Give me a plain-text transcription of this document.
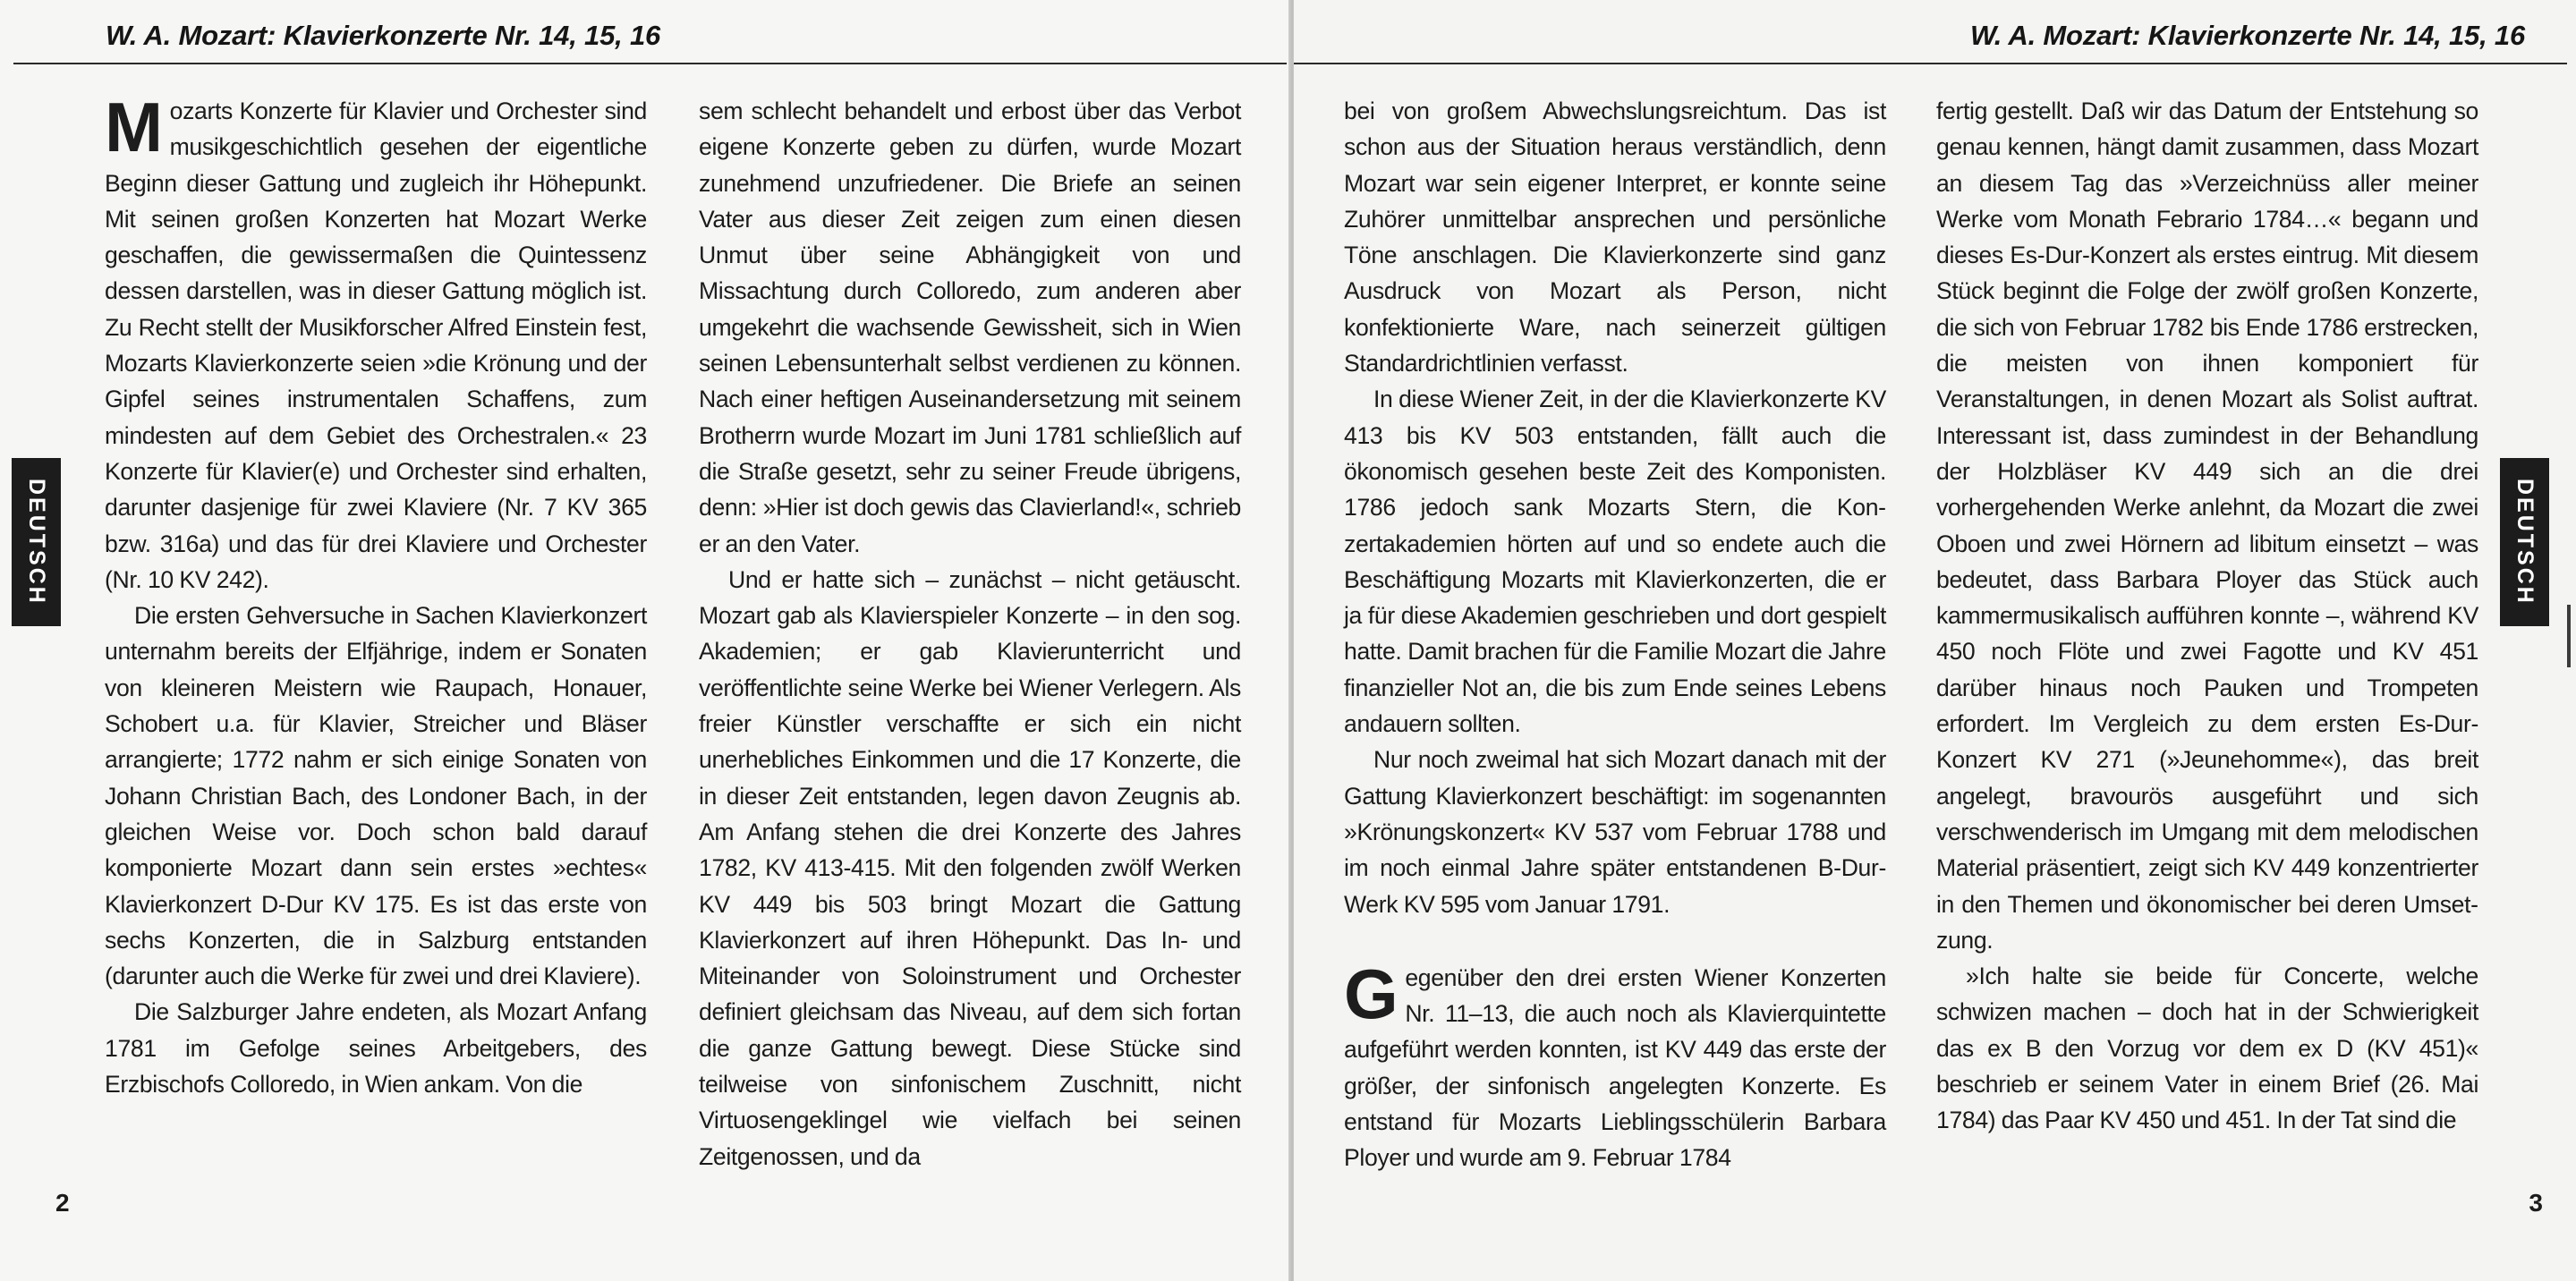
W. A. Mozart: Klavierkonzerte Nr. 14, 15, 16
DEUTSCH

Mozarts Konzerte für Klavier und Orchester sind musikgeschichtlich gesehen der eigentliche Beginn dieser Gattung und zugleich ihr Höhepunkt. Mit seinen großen Konzerten hat Mozart Werke geschaffen, die gewissermaßen die Quintessenz dessen darstellen, was in dieser Gattung möglich ist. Zu Recht stellt der Musikforscher Alfred Einstein fest, Mozarts Klavierkonzerte seien »die Krönung und der Gipfel seines instrumentalen Schaffens, zum mindesten auf dem Gebiet des Orchestralen.« 23 Konzerte für Klavier(e) und Orchester sind erhalten, darunter dasjenige für zwei Klaviere (Nr. 7 KV 365 bzw. 316a) und das für drei Klaviere und Orchester (Nr. 10 KV 242).

Die ersten Gehversuche in Sachen Klavierkonzert unternahm bereits der Elfjährige, indem er Sonaten von kleineren Meistern wie Raupach, Honauer, Schobert u.a. für Klavier, Streicher und Bläser arrangierte; 1772 nahm er sich einige Sonaten von Johann Christian Bach, des Londoner Bach, in der gleichen Weise vor. Doch schon bald darauf komponierte Mozart dann sein erstes »echtes« Klavierkonzert D-Dur KV 175. Es ist das erste von sechs Konzerten, die in Salzburg entstanden (darunter auch die Werke für zwei und drei Klaviere).

Die Salzburger Jahre endeten, als Mozart Anfang 1781 im Gefolge seines Arbeitgebers, des Erzbischofs Colloredo, in Wien ankam. Von die

sem schlecht behandelt und erbost über das Verbot eigene Konzerte geben zu dürfen, wurde Mozart zunehmend unzufriedener. Die Briefe an seinen Vater aus dieser Zeit zeigen zum einen diesen Unmut über seine Abhängigkeit von und Missachtung durch Colloredo, zum anderen aber umgekehrt die wachsende Gewissheit, sich in Wien seinen Lebensunterhalt selbst verdienen zu können. Nach einer heftigen Auseinandersetzung mit seinem Brotherrn wurde Mozart im Juni 1781 schließlich auf die Straße gesetzt, sehr zu seiner Freude übrigens, denn: »Hier ist doch gewis das Clavierland!«, schrieb er an den Vater.

Und er hatte sich – zunächst – nicht getäuscht. Mozart gab als Klavierspieler Konzerte – in den sog. Akademien; er gab Klavierunterricht und veröffentlichte seine Werke bei Wiener Verlegern. Als freier Künstler verschaffte er sich ein nicht unerhebliches Einkommen und die 17 Konzerte, die in dieser Zeit entstanden, legen davon Zeugnis ab. Am Anfang stehen die drei Konzerte des Jahres 1782, KV 413-415. Mit den folgenden zwölf Werken KV 449 bis 503 bringt Mozart die Gattung Klavierkonzert auf ihren Höhepunkt. Das In- und Miteinander von Soloinstrument und Orchester definiert gleichsam das Niveau, auf dem sich fortan die ganze Gattung bewegt. Diese Stücke sind teilweise von sinfonischem Zuschnitt, nicht Virtuosengeklingel wie vielfach bei seinen Zeitgenossen, und da

2
W. A. Mozart: Klavierkonzerte Nr. 14, 15, 16
DEUTSCH

bei von großem Abwechslungsreichtum. Das ist schon aus der Situation heraus verständlich, denn Mozart war sein eigener Interpret, er konnte seine Zuhörer unmittelbar ansprechen und persönliche Töne anschlagen. Die Klavierkonzerte sind ganz Ausdruck von Mozart als Person, nicht konfektionierte Ware, nach seinerzeit gültigen Standardrichtlinien verfasst.

In diese Wiener Zeit, in der die Klavierkonzerte KV 413 bis KV 503 entstanden, fällt auch die ökonomisch gesehen beste Zeit des Komponisten. 1786 jedoch sank Mozarts Stern, die Konzertakademien hörten auf und so endete auch die Beschäftigung Mozarts mit Klavierkonzerten, die er ja für diese Akademien geschrieben und dort gespielt hatte. Damit brachen für die Familie Mozart die Jahre finanzieller Not an, die bis zum Ende seines Lebens andauern sollten.

Nur noch zweimal hat sich Mozart danach mit der Gattung Klavierkonzert beschäftigt: im sogenannten »Krönungskonzert« KV 537 vom Februar 1788 und im noch einmal Jahre später entstandenen B-Dur-Werk KV 595 vom Januar 1791.

Gegenüber den drei ersten Wiener Konzerten Nr. 11–13, die auch noch als Klavierquintette aufgeführt werden konnten, ist KV 449 das erste der größer, der sinfonisch angelegten Konzerte. Es entstand für Mozarts Lieblingsschülerin Barbara Ployer und wurde am 9. Februar 1784

fertig gestellt. Daß wir das Datum der Entstehung so genau kennen, hängt damit zusammen, dass Mozart an diesem Tag das »Verzeichnüss aller meiner Werke vom Monath Febrario 1784…« begann und dieses Es-Dur-Konzert als erstes eintrug. Mit diesem Stück beginnt die Folge der zwölf großen Konzerte, die sich von Februar 1782 bis Ende 1786 erstrecken, die meisten von ihnen komponiert für Veranstaltungen, in denen Mozart als Solist auftrat. Interessant ist, dass zumindest in der Behandlung der Holzbläser KV 449 sich an die drei vorhergehenden Werke anlehnt, da Mozart die zwei Oboen und zwei Hörnern ad libitum einsetzt – was bedeutet, dass Barbara Ployer das Stück auch kammermusikalisch aufführen konnte –, während KV 450 noch Flöte und zwei Fagotte und KV 451 darüber hinaus noch Pauken und Trompeten erfordert. Im Vergleich zu dem ersten Es-Dur-Konzert KV 271 (»Jeunehomme«), das breit angelegt, bravourös ausgeführt und sich verschwenderisch im Umgang mit dem melodischen Material präsentiert, zeigt sich KV 449 konzentrierter in den Themen und ökonomischer bei deren Umsetzung.

»Ich halte sie beide für Concerte, welche schwizen machen – doch hat in der Schwierigkeit das ex B den Vorzug vor dem ex D (KV 451)« beschrieb er seinem Vater in einem Brief (26. Mai 1784) das Paar KV 450 und 451. In der Tat sind die

3
